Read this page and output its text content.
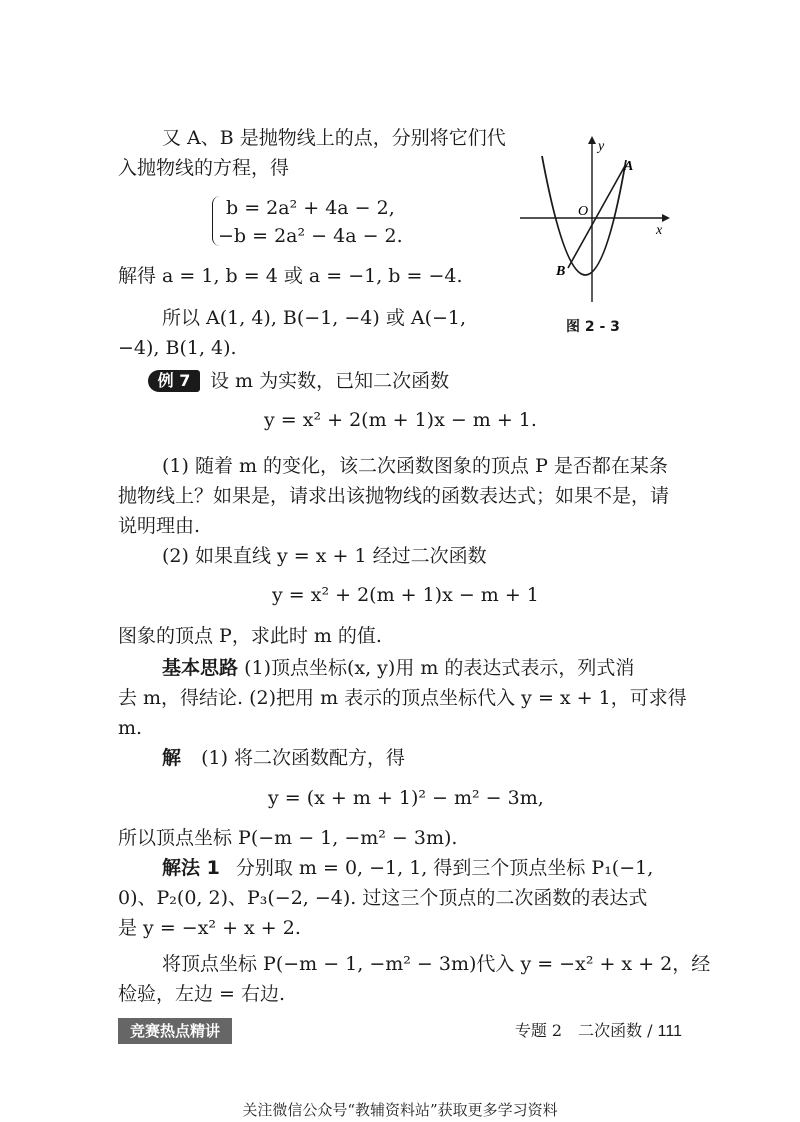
又 A、B 是抛物线上的点，分别将它们代
入抛物线的方程，得
b = 2a² + 4a − 2,
−b = 2a² − 4a − 2.
解得 a = 1, b = 4 或 a = −1, b = −4.
所以 A(1, 4), B(−1, −4) 或 A(−1,
−4), B(1, 4).
y
x
O
A
B
图 2 - 3
例 7	设 m 为实数，已知二次函数
y = x² + 2(m + 1)x − m + 1.
(1) 随着 m 的变化，该二次函数图象的顶点 P 是否都在某条
抛物线上？如果是，请求出该抛物线的函数表达式；如果不是，请
说明理由.
(2) 如果直线 y = x + 1 经过二次函数
y = x² + 2(m + 1)x − m + 1
图象的顶点 P，求此时 m 的值.
基本思路 (1)顶点坐标(x, y)用 m 的表达式表示，列式消
去 m，得结论. (2)把用 m 表示的顶点坐标代入 y = x + 1，可求得
m.
解 (1) 将二次函数配方，得
y = (x + m + 1)² − m² − 3m,
所以顶点坐标 P(−m − 1, −m² − 3m).
解法 1 分别取 m = 0, −1, 1, 得到三个顶点坐标 P₁(−1,
0)、P₂(0, 2)、P₃(−2, −4). 过这三个顶点的二次函数的表达式
是 y = −x² + x + 2.
将顶点坐标 P(−m − 1, −m² − 3m)代入 y = −x² + x + 2，经
检验，左边 = 右边.
竞赛热点精讲	专题 2　二次函数 / 111
关注微信公众号“教辅资料站”获取更多学习资料
